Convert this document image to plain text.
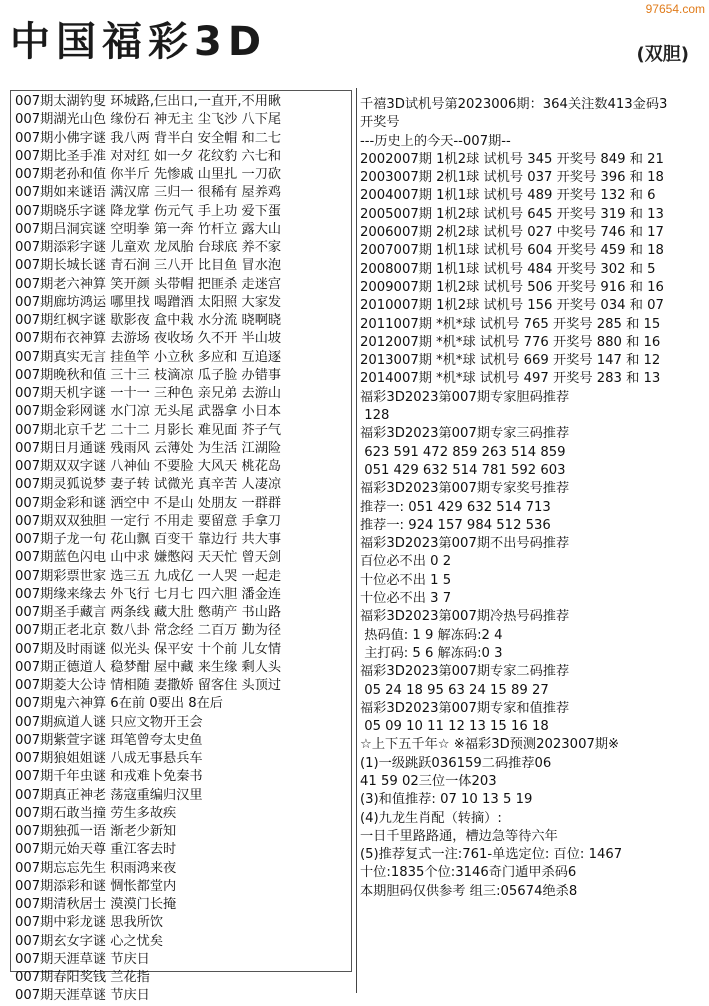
97654.com
中国福彩3D	(双胆)
007期太湖钓叟 环城路,仨出口,一直开,不用瞅
007期湖光山色 缘份石 神无主 尘飞沙 八下尾
007期小佛字谜 我八两 背半白 安全帽 和二七
007期比圣手准 对对红 如一夕 花纹豹 六七和
007期老孙和值 你半斤 先惨戚 山里扎 一刀砍
007期如来谜语 满汉席 三归一 很稀有 屋养鸡
007期晓乐字谜 降龙掌 伤元气 手上功 爱下蛋
007期吕洞宾谜 空明拳 第一奔 竹杆立 露大山
007期添彩字谜 儿童欢 龙凤胎 台球底 养不家
007期长城长谜 青石涧 三八开 比目鱼 冒水泡
007期老六神算 笑开颜 头带帽 把匪杀 走迷宫
007期廊坊鸿运 哪里找 喝蹭酒 太阳照 大家发
007期红枫字谜 歇影夜 盒中栽 水分流 晓啊晓
007期布衣神算 去游场 夜收场 久不开 半山坡
007期真实无言 挂鱼竿 小立秋 多应和 互追逐
007期晚秋和值 三十三 枝滴凉 瓜子脸 办错事
007期天机字谜 一十一 三种色 亲兄弟 去游山
007期金彩网谜 水门凉 无头尾 武器拿 小日本
007期北京千艺 二十二 月影长 难见面 芥子气
007期日月通谜 残雨风 云薄处 为生活 江湖险
007期双双字谜 八神仙 不要脸 大风天 桃花岛
007期灵狐说梦 妻子转 试微光 真辛苦 人凄凉
007期金彩和谜 洒空中 不是山 处朋友 一群群
007期双双独胆 一定行 不用走 要留意 手拿刀
007期子龙一句 花山飘 百变干 靠边行 共大事
007期蓝色闪电 山中求 嫌憋闷 天天忙 曾天剑
007期彩票世家 选三五 九成亿 一人哭 一起走
007期缘来缘去 外飞行 七月七 四六胆 潘金连
007期圣手藏言 两条线 藏大肚 憋萌产 书山路
007期正老北京 数八卦 常念经 二百万 勤为径
007期及时雨谜 似光头 保平安 十个前 儿女情
007期正德道人 稳梦酣 屋中藏 来生缘 剩人头
007期菱大公诗 情相随 妻撒娇 留客住 头顶过
007期鬼六神算 6在前 0要出 8在后
007期疯道人谜 只应文物开王会
007期紫萱字谜 珥笔曾夸太史鱼
007期狼姐姐谜 八成无事悬兵车
007期千年虫谜 和戎难卜免秦书
007期真正神老 荡寇重编归汉里
007期石敢当撞 劳生多故疾
007期独孤一语 渐老少新知
007期元始天尊 重江客去时
007期忘忘先生 积雨鸿来夜
007期添彩和谜 惆怅都堂内
007期清秋居士 漠漠门长掩
007期中彩龙谜 思我所饮
007期玄女字谜 心之忧矣
007期天涯草谜 节庆日
007期春阳奖钱 兰花指
007期天涯草谜 节庆日
千禧3D试机号第2023006期：364关注数413金码3
开奖号
---历史上的今天--007期--
2002007期 1机2球 试机号 345 开奖号 849 和 21
2003007期 2机1球 试机号 037 开奖号 396 和 18
2004007期 1机1球 试机号 489 开奖号 132 和 6
2005007期 1机2球 试机号 645 开奖号 319 和 13
2006007期 2机2球 试机号 027 中奖号 746 和 17
2007007期 1机1球 试机号 604 开奖号 459 和 18
2008007期 1机1球 试机号 484 开奖号 302 和 5
2009007期 1机2球 试机号 506 开奖号 916 和 16
2010007期 1机2球 试机号 156 开奖号 034 和 07
2011007期 *机*球 试机号 765 开奖号 285 和 15
2012007期 *机*球 试机号 776 开奖号 880 和 16
2013007期 *机*球 试机号 669 开奖号 147 和 12
2014007期 *机*球 试机号 497 开奖号 283 和 13
福彩3D2023第007期专家胆码推荐
128
福彩3D2023第007期专家三码推荐
623 591 472 859 263 514 859
051 429 632 514 781 592 603
福彩3D2023第007期专家奖号推荐
推荐一: 051 429 632 514 713
推荐一: 924 157 984 512 536
福彩3D2023第007期不出号码推荐
百位必不出 0 2
十位必不出 1 5
十位必不出 3 7
福彩3D2023第007期冷热号码推荐
热码值: 1 9 解冻码:2 4
主打码: 5 6 解冻码:0 3
福彩3D2023第007期专家二码推荐
05 24 18 95 63 24 15 89 27
福彩3D2023第007期专家和值推荐
05 09 10 11 12 13 15 16 18
☆上下五千年☆ ※福彩3D预测2023007期※
(1)一级跳跃036159二码推荐06
41 59 02三位一体203
(3)和值推荐: 07 10 13 5 19
(4)九龙生肖配（转摘）:
一日千里路路通，槽边急等待六年
(5)推荐复式一注:761-单选定位: 百位: 1467
十位:1835个位:3146奇门遁甲杀码6
本期胆码仅供参考 组三:05674绝杀8
